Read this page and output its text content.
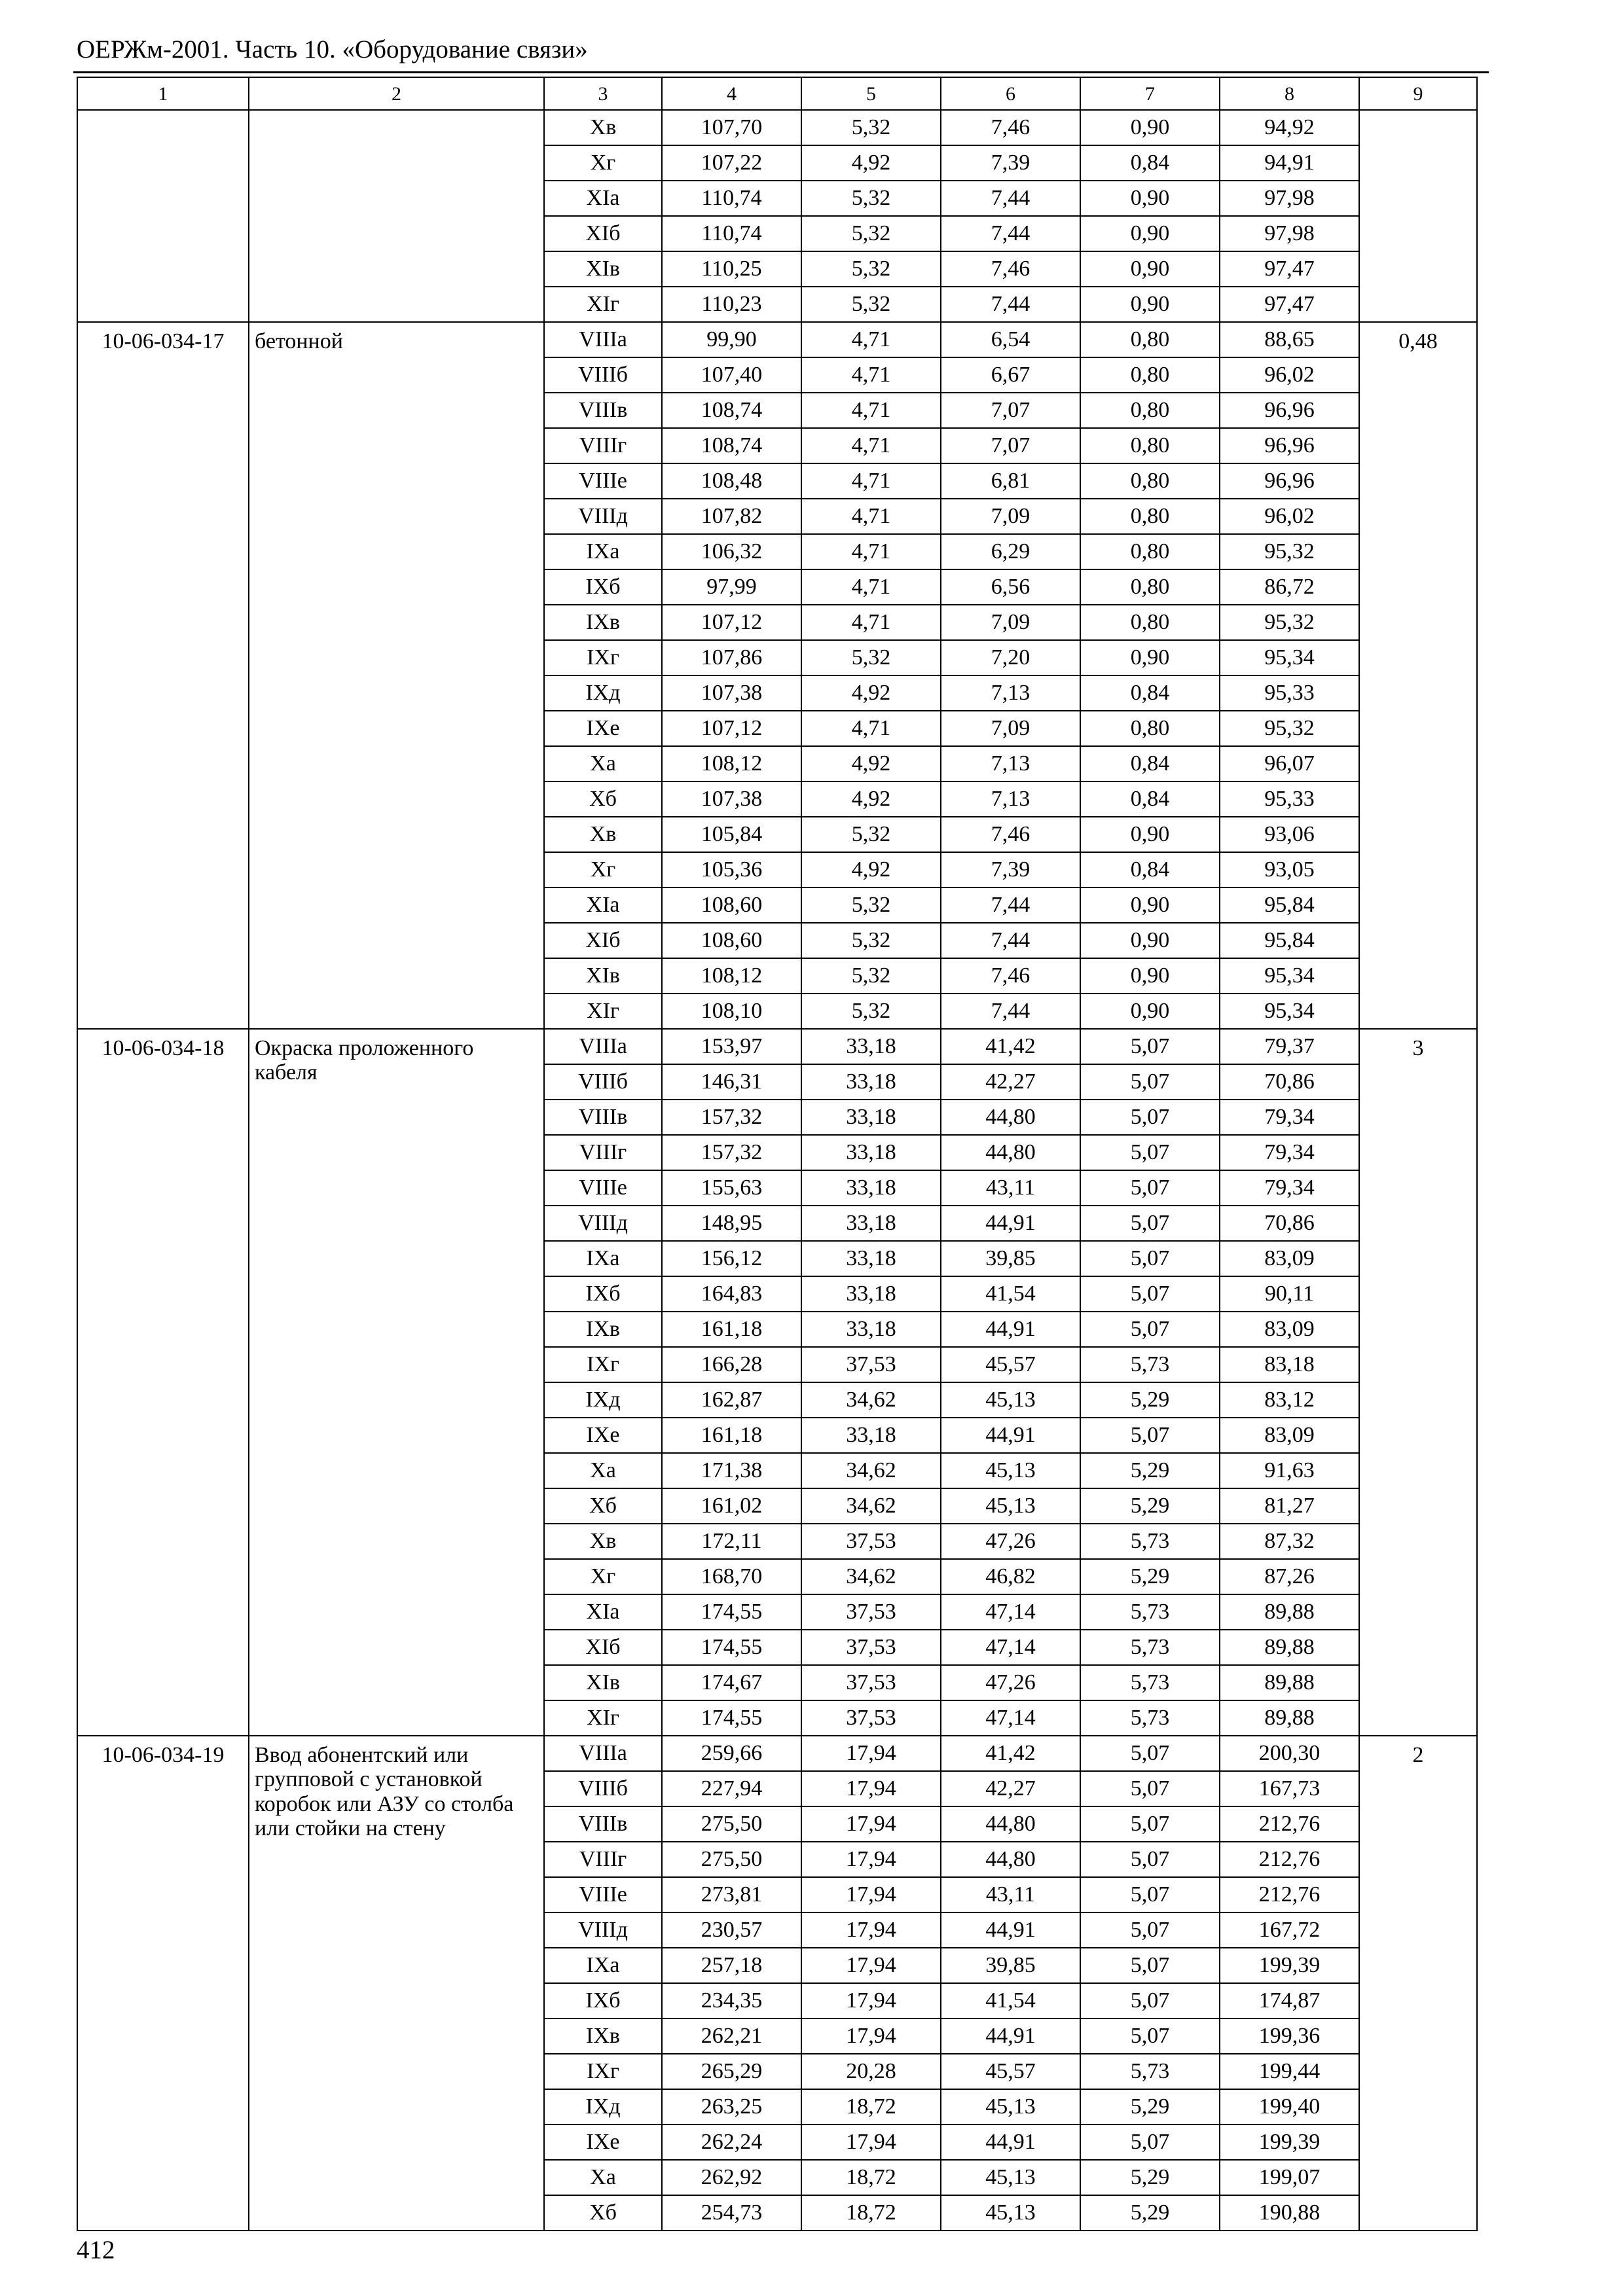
ОЕРЖм-2001. Часть 10. «Оборудование связи»
1	2	3	4	5	6	7	8	9
		Xв	107,70	5,32	7,46	0,90	94,92	
		Xг	107,22	4,92	7,39	0,84	94,91	
		XIа	110,74	5,32	7,44	0,90	97,98	
		XIб	110,74	5,32	7,44	0,90	97,98	
		XIв	110,25	5,32	7,46	0,90	97,47	
		XIг	110,23	5,32	7,44	0,90	97,47	
10-06-034-17	бетонной	VIIIа	99,90	4,71	6,54	0,80	88,65	0,48
		VIIIб	107,40	4,71	6,67	0,80	96,02	
		VIIIв	108,74	4,71	7,07	0,80	96,96	
		VIIIг	108,74	4,71	7,07	0,80	96,96	
		VIIIе	108,48	4,71	6,81	0,80	96,96	
		VIIIд	107,82	4,71	7,09	0,80	96,02	
		IXа	106,32	4,71	6,29	0,80	95,32	
		IXб	97,99	4,71	6,56	0,80	86,72	
		IXв	107,12	4,71	7,09	0,80	95,32	
		IXг	107,86	5,32	7,20	0,90	95,34	
		IXд	107,38	4,92	7,13	0,84	95,33	
		IXе	107,12	4,71	7,09	0,80	95,32	
		Xа	108,12	4,92	7,13	0,84	96,07	
		Xб	107,38	4,92	7,13	0,84	95,33	
		Xв	105,84	5,32	7,46	0,90	93,06	
		Xг	105,36	4,92	7,39	0,84	93,05	
		XIа	108,60	5,32	7,44	0,90	95,84	
		XIб	108,60	5,32	7,44	0,90	95,84	
		XIв	108,12	5,32	7,46	0,90	95,34	
		XIг	108,10	5,32	7,44	0,90	95,34	
10-06-034-18	Окраска проложенного кабеля	VIIIа	153,97	33,18	41,42	5,07	79,37	3
		VIIIб	146,31	33,18	42,27	5,07	70,86	
		VIIIв	157,32	33,18	44,80	5,07	79,34	
		VIIIг	157,32	33,18	44,80	5,07	79,34	
		VIIIе	155,63	33,18	43,11	5,07	79,34	
		VIIIд	148,95	33,18	44,91	5,07	70,86	
		IXа	156,12	33,18	39,85	5,07	83,09	
		IXб	164,83	33,18	41,54	5,07	90,11	
		IXв	161,18	33,18	44,91	5,07	83,09	
		IXг	166,28	37,53	45,57	5,73	83,18	
		IXд	162,87	34,62	45,13	5,29	83,12	
		IXе	161,18	33,18	44,91	5,07	83,09	
		Xа	171,38	34,62	45,13	5,29	91,63	
		Xб	161,02	34,62	45,13	5,29	81,27	
		Xв	172,11	37,53	47,26	5,73	87,32	
		Xг	168,70	34,62	46,82	5,29	87,26	
		XIа	174,55	37,53	47,14	5,73	89,88	
		XIб	174,55	37,53	47,14	5,73	89,88	
		XIв	174,67	37,53	47,26	5,73	89,88	
		XIг	174,55	37,53	47,14	5,73	89,88	
10-06-034-19	Ввод абонентский или групповой с установкой коробок или АЗУ со столба или стойки на стену	VIIIа	259,66	17,94	41,42	5,07	200,30	2
		VIIIб	227,94	17,94	42,27	5,07	167,73	
		VIIIв	275,50	17,94	44,80	5,07	212,76	
		VIIIг	275,50	17,94	44,80	5,07	212,76	
		VIIIе	273,81	17,94	43,11	5,07	212,76	
		VIIIд	230,57	17,94	44,91	5,07	167,72	
		IXа	257,18	17,94	39,85	5,07	199,39	
		IXб	234,35	17,94	41,54	5,07	174,87	
		IXв	262,21	17,94	44,91	5,07	199,36	
		IXг	265,29	20,28	45,57	5,73	199,44	
		IXд	263,25	18,72	45,13	5,29	199,40	
		IXе	262,24	17,94	44,91	5,07	199,39	
		Xа	262,92	18,72	45,13	5,29	199,07	
		Xб	254,73	18,72	45,13	5,29	190,88	
412
